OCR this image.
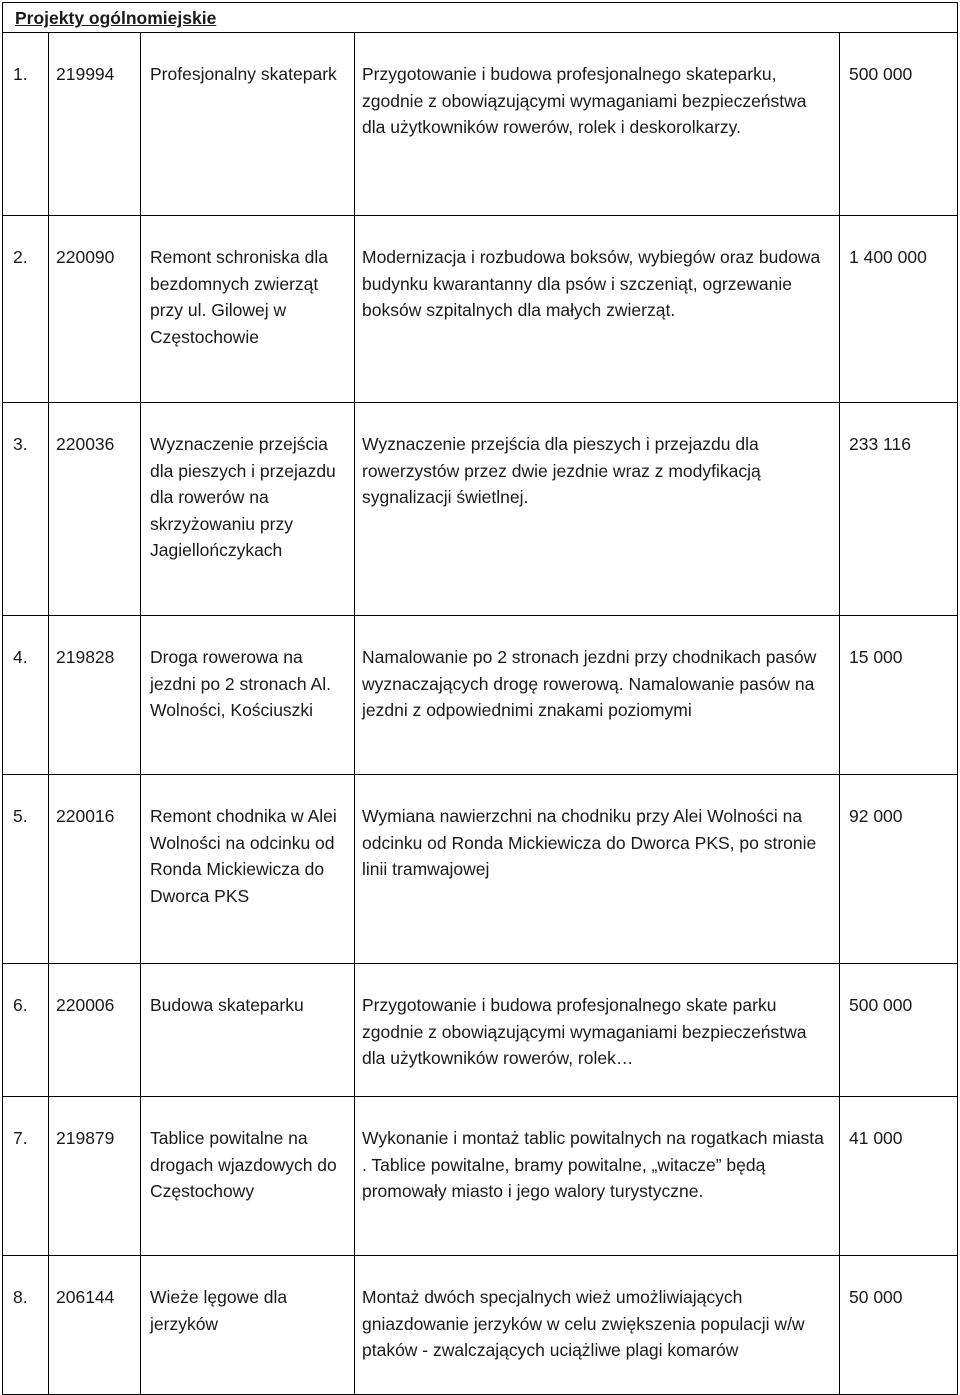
Projekty ogólnomiejskie				
1.	219994	Profesjonalny skatepark	Przygotowanie i budowa profesjonalnego skateparku, zgodnie z obowiązującymi wymaganiami bezpieczeństwa dla użytkowników rowerów, rolek i deskorolkarzy.	500 000
2.	220090	Remont schroniska dla bezdomnych zwierząt przy ul. Gilowej w Częstochowie	Modernizacja i rozbudowa boksów, wybiegów oraz budowa budynku kwarantanny dla psów i szczeniąt, ogrzewanie boksów szpitalnych dla małych zwierząt.	1 400 000
3.	220036	Wyznaczenie przejścia dla pieszych i przejazdu dla rowerów na skrzyżowaniu przy Jagiellończykach	Wyznaczenie przejścia dla pieszych i przejazdu dla rowerzystów przez dwie jezdnie wraz z modyfikacją sygnalizacji świetlnej.	233 116
4.	219828	Droga rowerowa na jezdni po 2 stronach Al. Wolności, Kościuszki	Namalowanie po 2 stronach jezdni przy chodnikach pasów wyznaczających drogę rowerową. Namalowanie pasów na jezdni z odpowiednimi znakami poziomymi	15 000
5.	220016	Remont chodnika w Alei Wolności na odcinku od Ronda Mickiewicza do Dworca PKS	Wymiana nawierzchni na chodniku przy Alei Wolności na odcinku od Ronda Mickiewicza do Dworca PKS, po stronie linii tramwajowej	92 000
6.	220006	Budowa skateparku	Przygotowanie i budowa profesjonalnego skate parku zgodnie z obowiązującymi wymaganiami bezpieczeństwa dla użytkowników rowerów, rolek…	500 000
7.	219879	Tablice powitalne na drogach wjazdowych do Częstochowy	Wykonanie i montaż tablic powitalnych na rogatkach miasta . Tablice powitalne, bramy powitalne, „witacze” będą promowały miasto i jego walory turystyczne.	41 000
8.	206144	Wieże lęgowe dla jerzyków	Montaż dwóch specjalnych wież umożliwiających gniazdowanie jerzyków w celu zwiększenia populacji w/w ptaków - zwalczających uciążliwe plagi komarów	50 000
